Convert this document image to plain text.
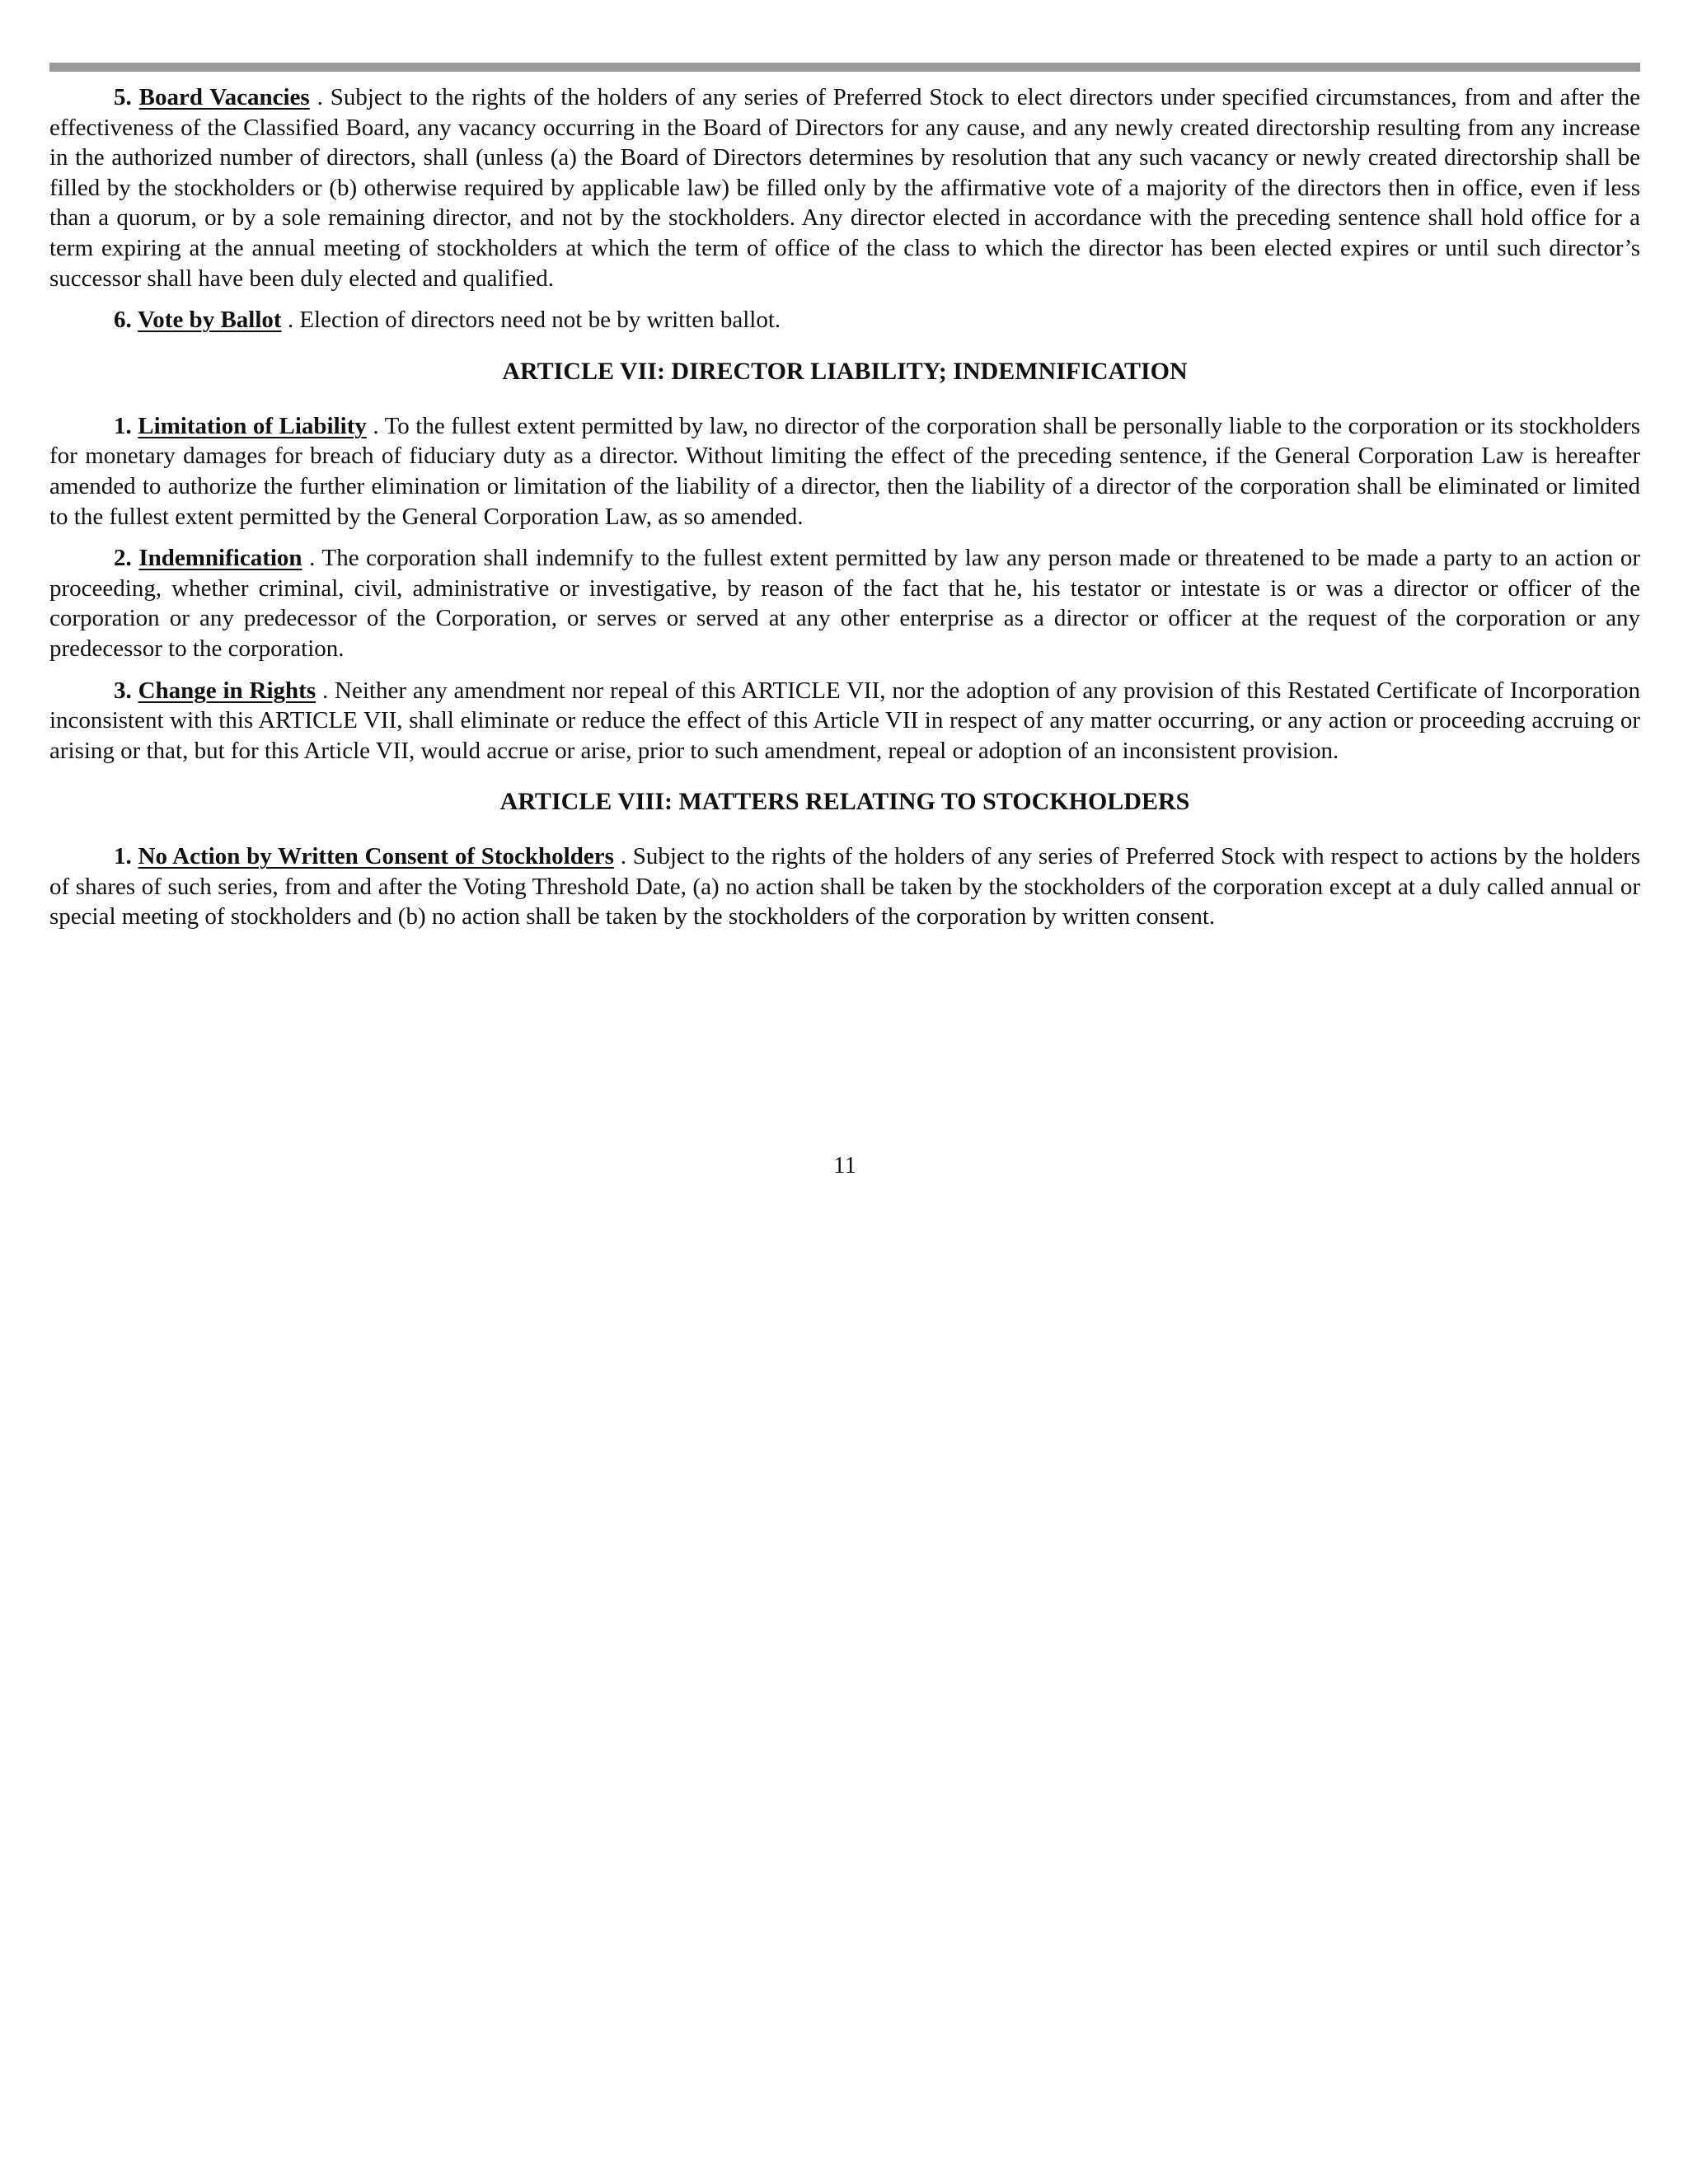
5. Board Vacancies . Subject to the rights of the holders of any series of Preferred Stock to elect directors under specified circumstances, from and after the effectiveness of the Classified Board, any vacancy occurring in the Board of Directors for any cause, and any newly created directorship resulting from any increase in the authorized number of directors, shall (unless (a) the Board of Directors determines by resolution that any such vacancy or newly created directorship shall be filled by the stockholders or (b) otherwise required by applicable law) be filled only by the affirmative vote of a majority of the directors then in office, even if less than a quorum, or by a sole remaining director, and not by the stockholders. Any director elected in accordance with the preceding sentence shall hold office for a term expiring at the annual meeting of stockholders at which the term of office of the class to which the director has been elected expires or until such director’s successor shall have been duly elected and qualified.

6. Vote by Ballot . Election of directors need not be by written ballot.

ARTICLE VII: DIRECTOR LIABILITY; INDEMNIFICATION

1. Limitation of Liability . To the fullest extent permitted by law, no director of the corporation shall be personally liable to the corporation or its stockholders for monetary damages for breach of fiduciary duty as a director. Without limiting the effect of the preceding sentence, if the General Corporation Law is hereafter amended to authorize the further elimination or limitation of the liability of a director, then the liability of a director of the corporation shall be eliminated or limited to the fullest extent permitted by the General Corporation Law, as so amended.

2. Indemnification . The corporation shall indemnify to the fullest extent permitted by law any person made or threatened to be made a party to an action or proceeding, whether criminal, civil, administrative or investigative, by reason of the fact that he, his testator or intestate is or was a director or officer of the corporation or any predecessor of the Corporation, or serves or served at any other enterprise as a director or officer at the request of the corporation or any predecessor to the corporation.

3. Change in Rights . Neither any amendment nor repeal of this ARTICLE VII, nor the adoption of any provision of this Restated Certificate of Incorporation inconsistent with this ARTICLE VII, shall eliminate or reduce the effect of this Article VII in respect of any matter occurring, or any action or proceeding accruing or arising or that, but for this Article VII, would accrue or arise, prior to such amendment, repeal or adoption of an inconsistent provision.

ARTICLE VIII: MATTERS RELATING TO STOCKHOLDERS

1. No Action by Written Consent of Stockholders . Subject to the rights of the holders of any series of Preferred Stock with respect to actions by the holders of shares of such series, from and after the Voting Threshold Date, (a) no action shall be taken by the stockholders of the corporation except at a duly called annual or special meeting of stockholders and (b) no action shall be taken by the stockholders of the corporation by written consent.

11
